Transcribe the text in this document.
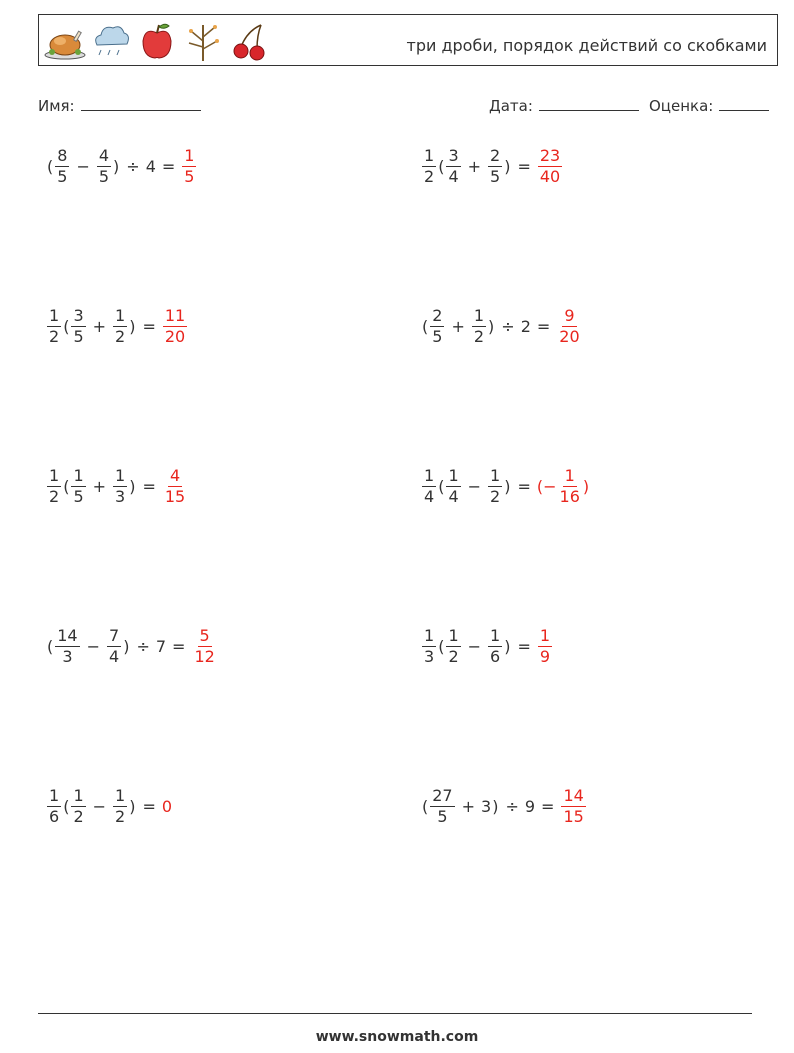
три дроби, порядок действий со скобками
Имя:	Дата:	Оценка:
( $\frac{8}{5} - \frac{4}{5}$ ) ÷ $4 = \frac{1}{5}$	$\frac{1}{2}$ ( $\frac{3}{4} + \frac{2}{5}$ ) = $\frac{23}{40}$
$\frac{1}{2}$ ( $\frac{3}{5} + \frac{1}{2}$ ) = $\frac{11}{20}$	( $\frac{2}{5} + \frac{1}{2}$ ) ÷ $2 = \frac{9}{20}$
$\frac{1}{2}$ ( $\frac{1}{5} + \frac{1}{3}$ ) = $\frac{4}{15}$	$\frac{1}{4}$ ( $\frac{1}{4} - \frac{1}{2}$ ) = (− $\frac{1}{16}$ )
( $\frac{14}{3} - \frac{7}{4}$ ) ÷ $7 = \frac{5}{12}$	$\frac{1}{3}$ ( $\frac{1}{2} - \frac{1}{6}$ ) = $\frac{1}{9}$
$\frac{1}{6}$ ( $\frac{1}{2} - \frac{1}{2}$ ) = 0	( $\frac{27}{5} + 3$ ) ÷ $9 = \frac{14}{15}$
www.snowmath.com
